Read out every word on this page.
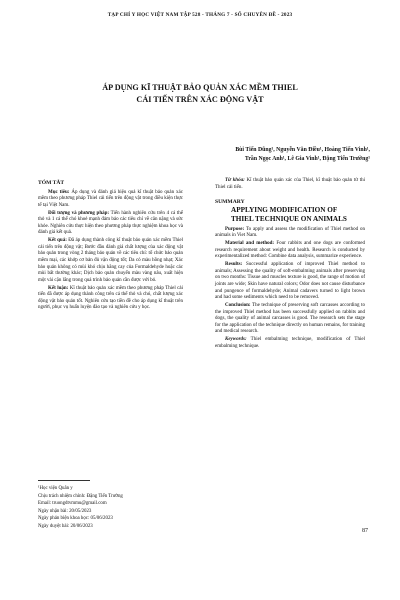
TẠP CHÍ Y HỌC VIỆT NAM TẬP 528 - THÁNG 7 - SỐ CHUYÊN ĐỀ - 2023
ÁP DỤNG KĨ THUẬT BẢO QUẢN XÁC MỀM THIEL
CÁI TIẾN TRÊN XÁC ĐỘNG VẬT
Bùi Tiến Dũng¹, Nguyễn Văn Điều¹, Hoàng Tiến Vinh¹,
Trần Ngọc Anh¹, Lê Gia Vinh¹, Đặng Tiến Trường¹
TÓM TẮT

Mục tiêu: Áp dụng và đánh giá hiệu quả kĩ thuật bảo quản xác mềm theo phương pháp Thiel cải tiến trên động vật trong điều kiện thực tế tại Việt Nam.

Đối tượng và phương pháp: Tiến hành nghiên cứu trên 4 cá thể thỏ và 1 cá thể chó khoẻ mạnh đảm bảo các tiêu chí về cân nặng và sức khỏe. Nghiên cứu thực hiện theo phương pháp thực nghiệm khoa học và đánh giá kết quả.

Kết quả: Đã áp dụng thành công kĩ thuật bảo quản xác mềm Thiel cải tiến trên động vật; Bước đầu đánh giá chất lượng của xác động vật bảo quản trong vòng 2 tháng bảo quản về các tiêu chí: tổ chức bảo quản mềm mại, các khớp cơ bản đủ vận động tốt; Da có màu hồng nhạt; Xác bảo quản không có mùi khó chịu hăng cay của Formaldehyde hoặc các mùi bất thường khác; Dịch bảo quản chuyển màu vàng nâu, xuất hiện một vài cặn lắng trong quá trình bảo quản cần được với bỏ.

Kết luận: Kĩ thuật bảo quản xác mềm theo phương pháp Thiel cải tiến đã được áp dụng thành công trên cá thể thỏ và chó, chất lượng xác động vật bảo quản tốt. Nghiên cứu tạo tiền đề cho áp dụng kĩ thuật trên người, phục vụ huấn luyện đào tạo và nghiên cứu y học.

Từ khóa: Kĩ thuật bảo quản xác của Thiel, kĩ thuật bảo quản tử thi Thiel cải tiến.

SUMMARY
APPLYING MODIFICATION OF
THIEL TECHNIQUE ON ANIMALS

Purpose: To apply and assess the modification of Thiel method on animals in Viet Nam.

Material and method: Four rabbits and one dogs are conformed research requirement about weight and health. Research is conducted by experimentalized method: Combine data analysis, summarize experience.

Results: Successful application of improved Thiel method to animals; Assessing the quality of soft-embalming animals after preserving on two months: Tissue and muscles texture is good, the range of motion of joints are wide; Skin have natural colors; Odor does not cause disturbance and pungence of formaldehyde; Animal cadavers turned to light brown and had some sediments which need to be removed.

Conclusion: The technique of preserving soft carcasses according to the improved Thiel method has been successfully applied on rabbits and dogs, the quality of animal carcasses is good. The research sets the stage for the application of the technique directly on human remains, for training and medical research.

Keywords: Thiel embalming technique, modification of Thiel embalming technique.

¹Học viện Quân y
Chịu trách nhiệm chính: Đặng Tiến Trường
Email: truongdtvmmu@gmail.com
Ngày nhận bài: 20/05/2023
Ngày phản biện khoa học: 05/06/2023
Ngày duyệt bài: 20/06/2023
87
